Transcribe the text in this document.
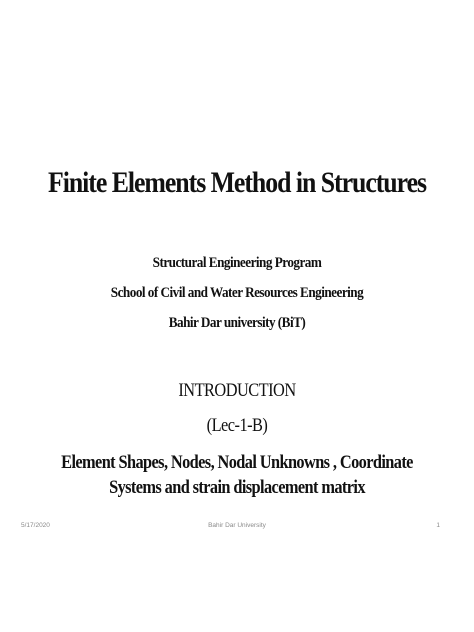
Finite Elements Method in Structures
Structural Engineering Program
School of Civil and Water Resources Engineering
Bahir Dar university (BiT)
INTRODUCTION
(Lec-1-B)
Element Shapes, Nodes, Nodal Unknowns , Coordinate
Systems and strain displacement matrix
5/17/2020	Bahir Dar University	1
